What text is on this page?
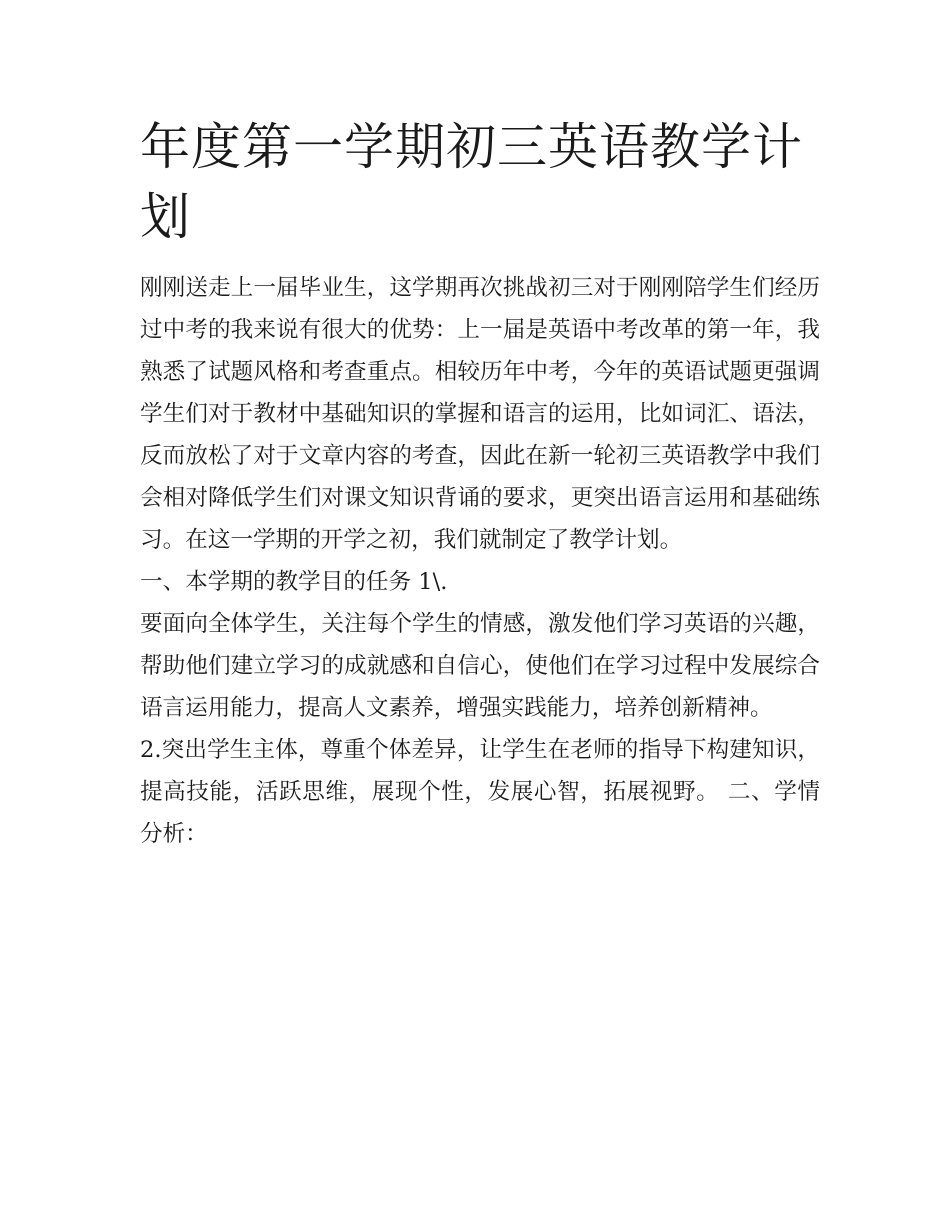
年度第一学期初三英语教学计划

刚刚送走上一届毕业生，这学期再次挑战初三对于刚刚陪学生们经历过中考的我来说有很大的优势：上一届是英语中考改革的第一年，我熟悉了试题风格和考查重点。相较历年中考，今年的英语试题更强调学生们对于教材中基础知识的掌握和语言的运用，比如词汇、语法，反而放松了对于文章内容的考查，因此在新一轮初三英语教学中我们会相对降低学生们对课文知识背诵的要求，更突出语言运用和基础练习。在这一学期的开学之初，我们就制定了教学计划。

一、本学期的教学目的任务 1\.

要面向全体学生，关注每个学生的情感，激发他们学习英语的兴趣，帮助他们建立学习的成就感和自信心，使他们在学习过程中发展综合语言运用能力，提高人文素养，增强实践能力，培养创新精神。

2.突出学生主体，尊重个体差异，让学生在老师的指导下构建知识，提高技能，活跃思维，展现个性，发展心智，拓展视野。 二、学情分析：
